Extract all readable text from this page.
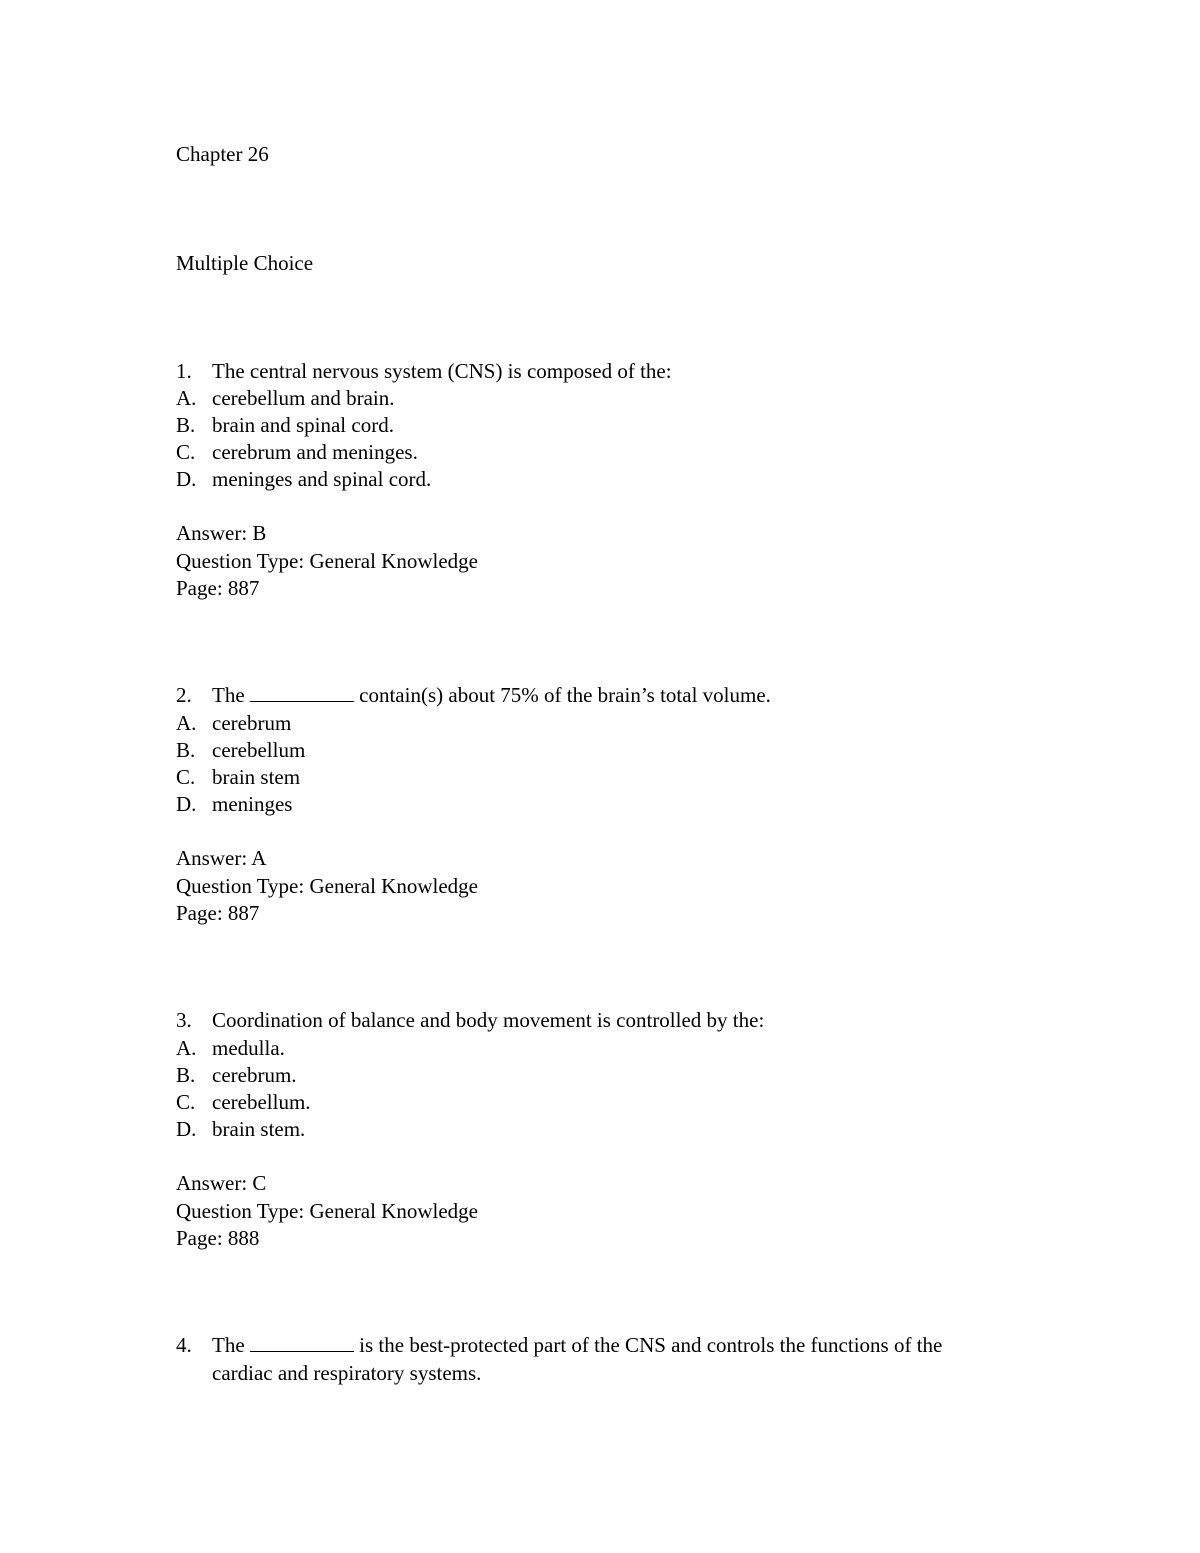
Chapter 26
Multiple Choice
1. The central nervous system (CNS) is composed of the:
A. cerebellum and brain.
B. brain and spinal cord.
C. cerebrum and meninges.
D. meninges and spinal cord.
Answer: B
Question Type: General Knowledge
Page: 887
2. The	contain(s) about 75% of the brain’s total volume.
A. cerebrum
B. cerebellum
C. brain stem
D. meninges
Answer: A
Question Type: General Knowledge
Page: 887
3. Coordination of balance and body movement is controlled by the:
A. medulla.
B. cerebrum.
C. cerebellum.
D. brain stem.
Answer: C
Question Type: General Knowledge
Page: 888
4. The	is the best-protected part of the CNS and controls the functions of the
cardiac and respiratory systems.
